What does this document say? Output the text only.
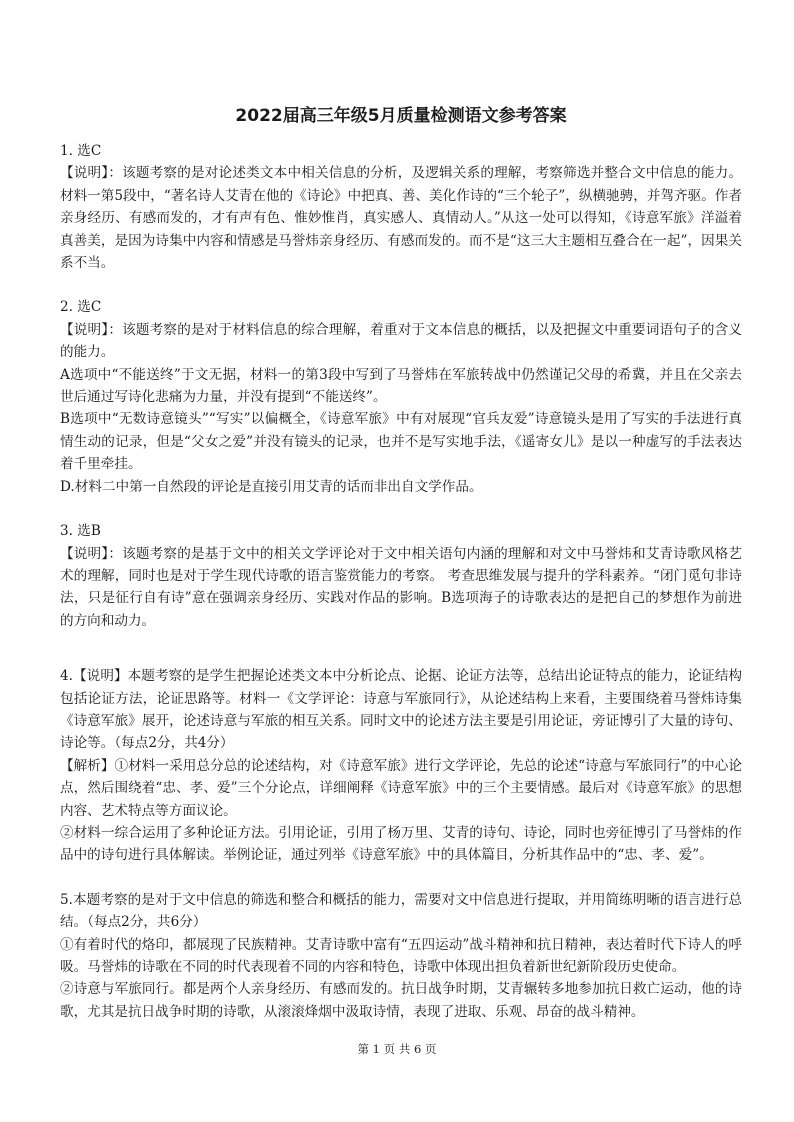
2022届高三年级5月质量检测语文参考答案

1. 选C

【说明】：该题考察的是对论述类文本中相关信息的分析，及逻辑关系的理解，考察筛选并整合文中信息的能力。 材料一第5段中，“著名诗人艾青在他的《诗论》中把真、善、美化作诗的“三个轮子”，纵横驰骋，并驾齐驱。作者亲身经历、有感而发的，才有声有色、惟妙惟肖，真实感人、真情动人。”从这一处可以得知，《诗意军旅》洋溢着真善美，是因为诗集中内容和情感是马誉炜亲身经历、有感而发的。而不是“这三大主题相互叠合在一起”，因果关系不当。

2. 选C

【说明】：该题考察的是对于材料信息的综合理解，着重对于文本信息的概括，以及把握文中重要词语句子的含义的能力。

A选项中“不能送终”于文无据，材料一的第3段中写到了马誉炜在军旅转战中仍然谨记父母的希冀，并且在父亲去世后通过写诗化悲痛为力量，并没有提到“不能送终”。

B选项中“无数诗意镜头”“写实”以偏概全，《诗意军旅》中有对展现“官兵友爱”诗意镜头是用了写实的手法进行真情生动的记录，但是“父女之爱”并没有镜头的记录，也并不是写实地手法，《遥寄女儿》是以一种虚写的手法表达着千里牵挂。

D.材料二中第一自然段的评论是直接引用艾青的话而非出自文学作品。

3. 选B

【说明】：该题考察的是基于文中的相关文学评论对于文中相关语句内涵的理解和对文中马誉炜和艾青诗歌风格艺术的理解，同时也是对于学生现代诗歌的语言鉴赏能力的考察。 考查思维发展与提升的学科素养。“闭门觅句非诗法，只是征行自有诗”意在强调亲身经历、实践对作品的影响。B选项海子的诗歌表达的是把自己的梦想作为前进的方向和动力。

4.【说明】本题考察的是学生把握论述类文本中分析论点、论据、论证方法等，总结出论证特点的能力，论证结构包括论证方法，论证思路等。材料一《文学评论：诗意与军旅同行》，从论述结构上来看，主要围绕着马誉炜诗集《诗意军旅》展开，论述诗意与军旅的相互关系。同时文中的论述方法主要是引用论证，旁证博引了大量的诗句、诗论等。（每点2分，共4分）

【解析】①材料一采用总分总的论述结构，对《诗意军旅》进行文学评论，先总的论述“诗意与军旅同行”的中心论点，然后围绕着“忠、孝、爱”三个分论点，详细阐释《诗意军旅》中的三个主要情感。最后对《诗意军旅》的思想内容、艺术特点等方面议论。

②材料一综合运用了多种论证方法。引用论证，引用了杨万里、艾青的诗句、诗论，同时也旁征博引了马誉炜的作品中的诗句进行具体解读。举例论证，通过列举《诗意军旅》中的具体篇目，分析其作品中的“忠、孝、爱”。

5.本题考察的是对于文中信息的筛选和整合和概括的能力，需要对文中信息进行提取，并用简练明晰的语言进行总结。（每点2分，共6分）

①有着时代的烙印，都展现了民族精神。艾青诗歌中富有“五四运动”战斗精神和抗日精神，表达着时代下诗人的呼吸。马誉炜的诗歌在不同的时代表现着不同的内容和特色，诗歌中体现出担负着新世纪新阶段历史使命。

②诗意与军旅同行。都是两个人亲身经历、有感而发的。抗日战争时期，艾青辗转多地参加抗日救亡运动，他的诗歌，尤其是抗日战争时期的诗歌，从滚滚烽烟中汲取诗情，表现了进取、乐观、昂奋的战斗精神。

第 1 页 共 6 页
